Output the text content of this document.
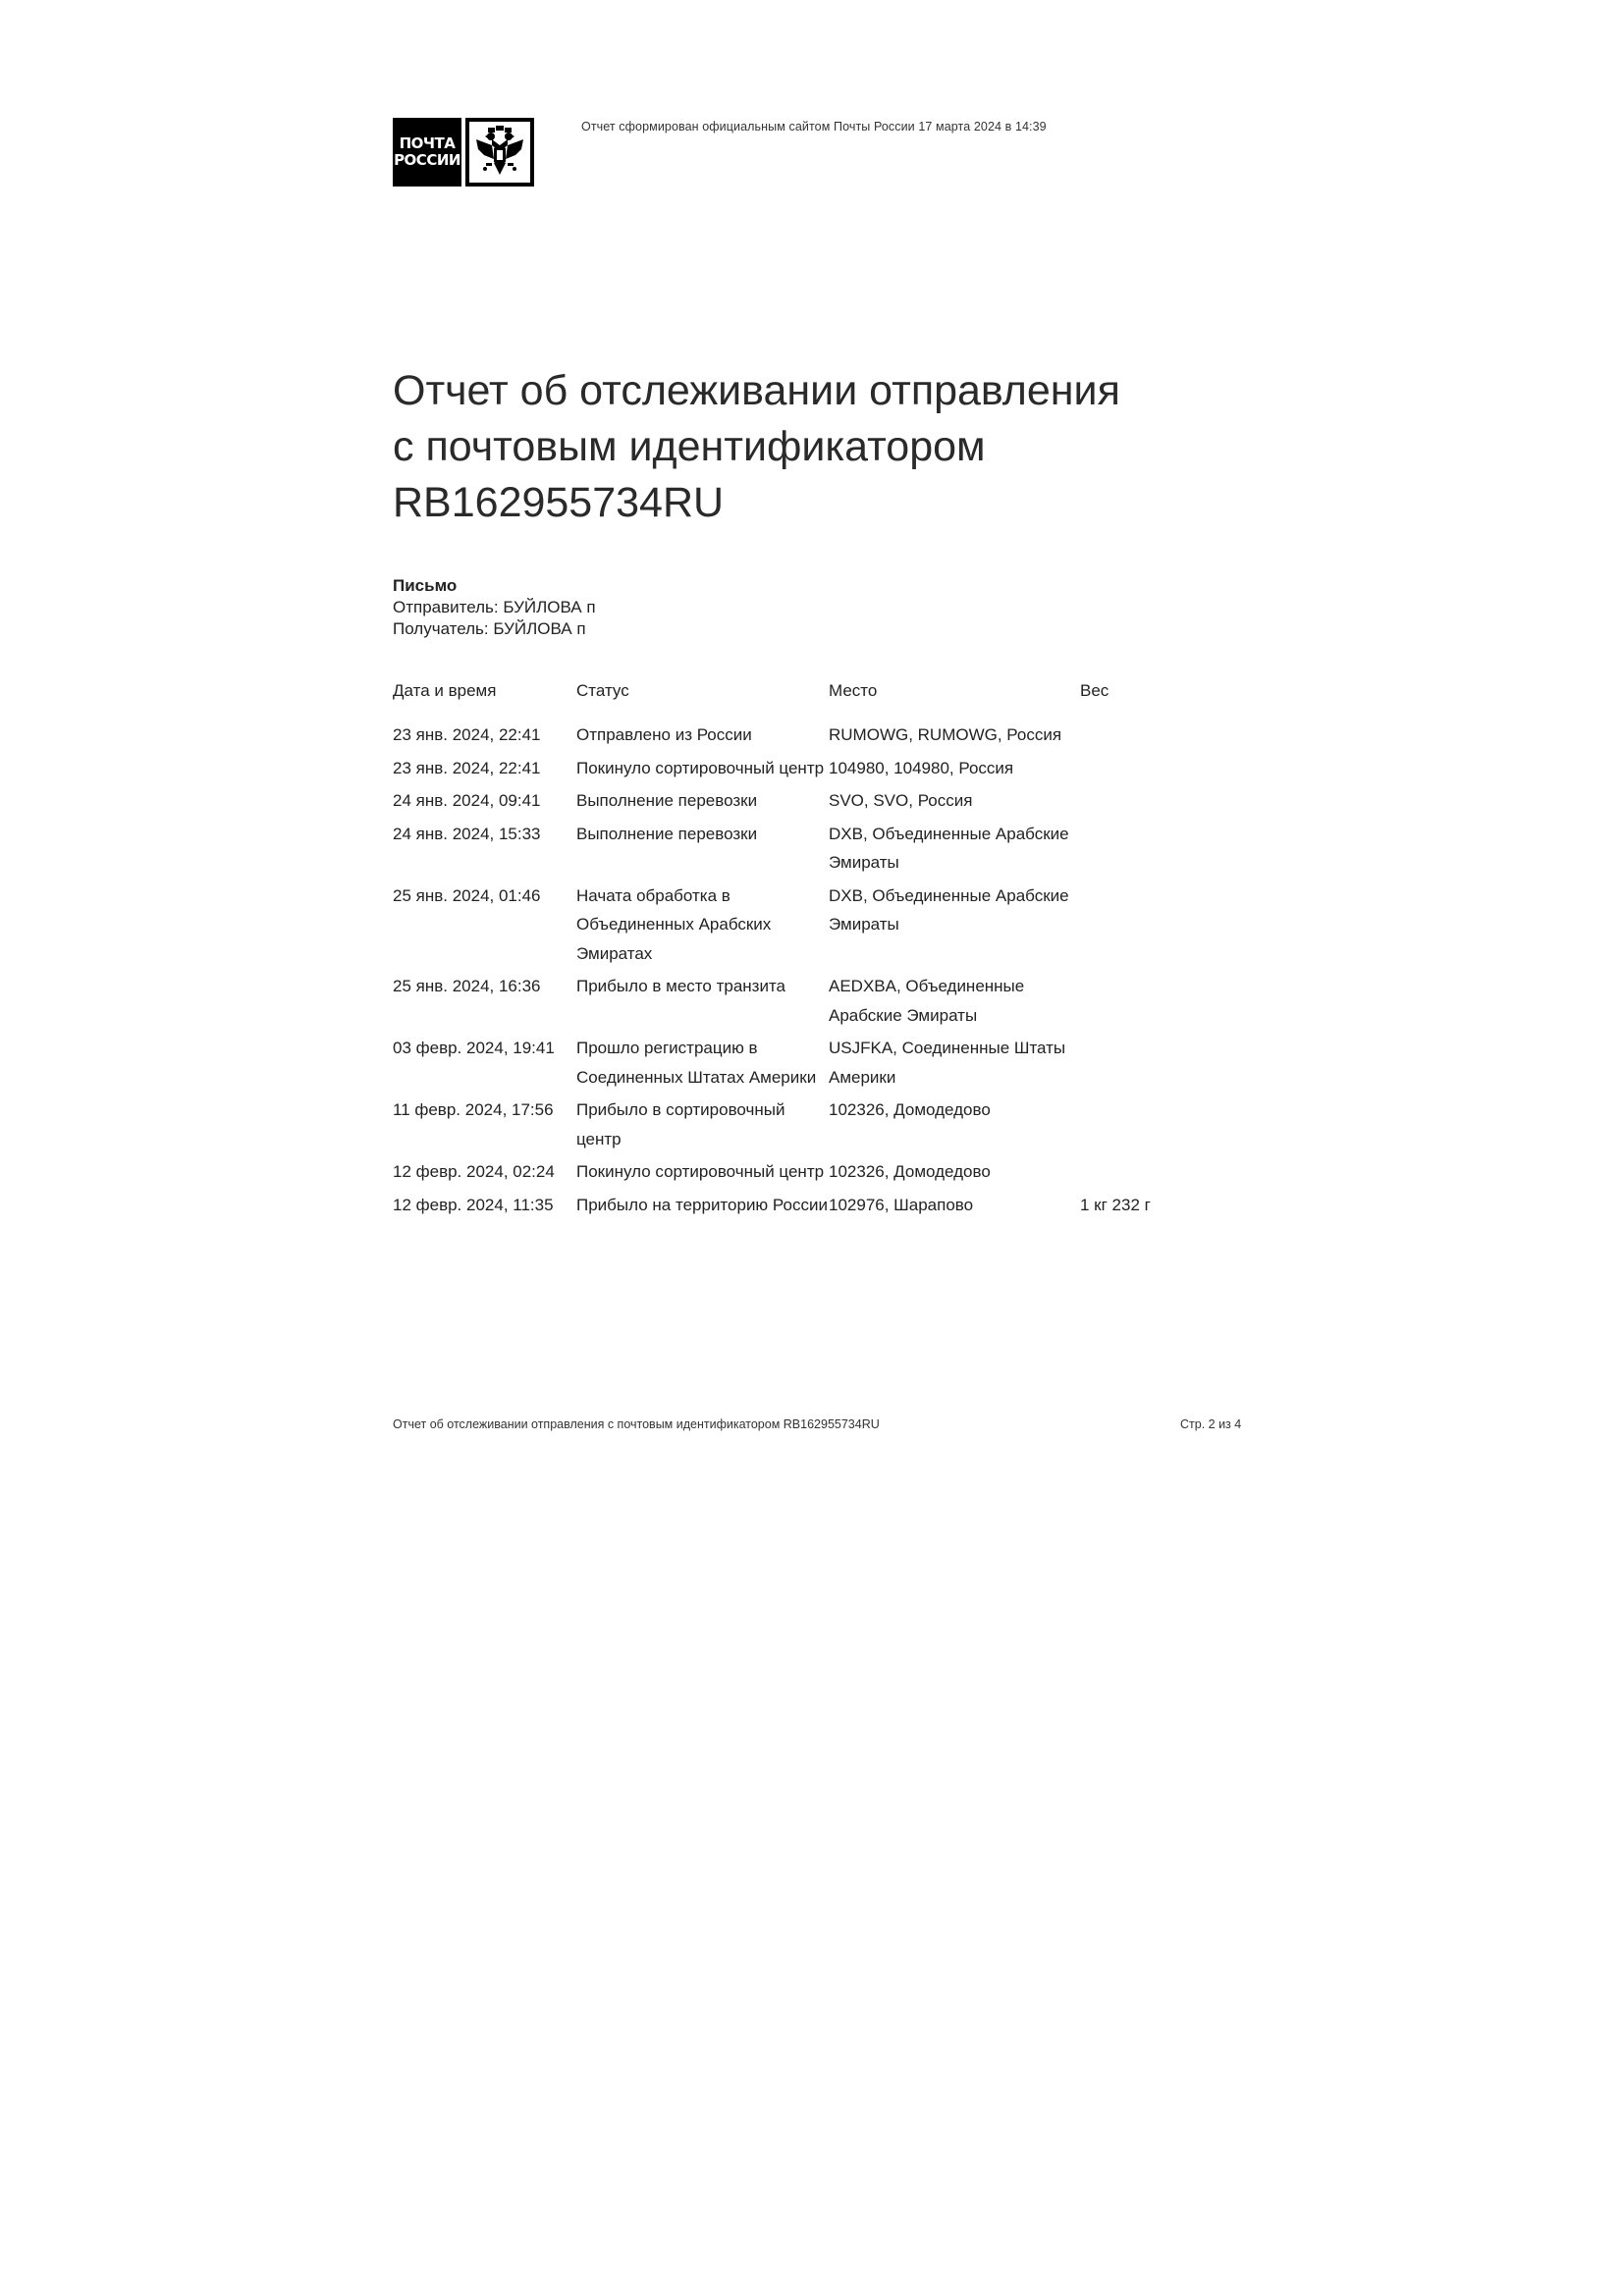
ПОЧТА
РОССИИ
Отчет сформирован официальным сайтом Почты России 17 марта 2024 в 14:39
Отчет об отслеживании отправления
с почтовым идентификатором
RB162955734RU
Письмо
Отправитель: БУЙЛОВА п
Получатель: БУЙЛОВА п
Дата и время	Статус	Место	Вес
23 янв. 2024, 22:41	Отправлено из России	RUMOWG, RUMOWG, Россия	
23 янв. 2024, 22:41	Покинуло сортировочный центр	104980, 104980, Россия	
24 янв. 2024, 09:41	Выполнение перевозки	SVO, SVO, Россия	
24 янв. 2024, 15:33	Выполнение перевозки	DXB, Объединенные Арабские Эмираты	
25 янв. 2024, 01:46	Начата обработка в Объединенных Арабских Эмиратах	DXB, Объединенные Арабские Эмираты	
25 янв. 2024, 16:36	Прибыло в место транзита	AEDXBA, Объединенные Арабские Эмираты	
03 февр. 2024, 19:41	Прошло регистрацию в Соединенных Штатах Америки	USJFKA, Соединенные Штаты Америки	
11 февр. 2024, 17:56	Прибыло в сортировочный центр	102326, Домодедово	
12 февр. 2024, 02:24	Покинуло сортировочный центр	102326, Домодедово	
12 февр. 2024, 11:35	Прибыло на территорию России	102976, Шарапово	1 кг 232 г
Отчет об отслеживании отправления с почтовым идентификатором RB162955734RU	Стр. 2 из 4
